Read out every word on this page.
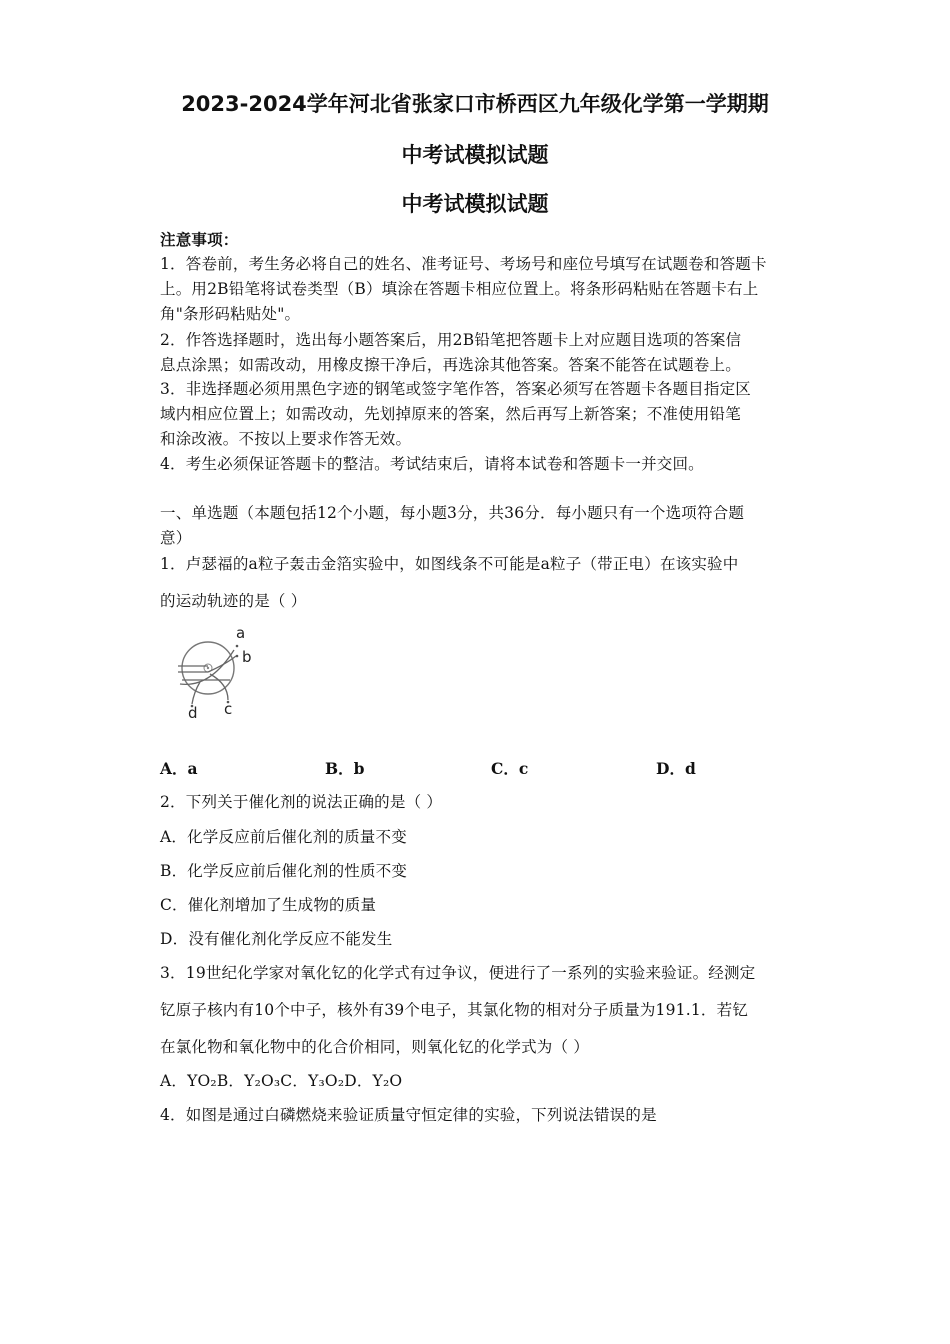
2023-2024学年河北省张家口市桥西区九年级化学第一学期期
中考试模拟试题
中考试模拟试题
注意事项：
1．答卷前，考生务必将自己的姓名、准考证号、考场号和座位号填写在试题卷和答题卡
上。用2B铅笔将试卷类型（B）填涂在答题卡相应位置上。将条形码粘贴在答题卡右上
角"条形码粘贴处"。
2．作答选择题时，选出每小题答案后，用2B铅笔把答题卡上对应题目选项的答案信
息点涂黑；如需改动，用橡皮擦干净后，再选涂其他答案。答案不能答在试题卷上。
3．非选择题必须用黑色字迹的钢笔或签字笔作答，答案必须写在答题卡各题目指定区
域内相应位置上；如需改动，先划掉原来的答案，然后再写上新答案；不准使用铅笔
和涂改液。不按以上要求作答无效。
4．考生必须保证答题卡的整洁。考试结束后，请将本试卷和答题卡一并交回。
一、单选题（本题包括12个小题，每小题3分，共36分．每小题只有一个选项符合题
意）
1．卢瑟福的a粒子轰击金箔实验中，如图线条不可能是a粒子（带正电）在该实验中
的运动轨迹的是（ ）
a
b
c
d
A．a	B．b	C．c	D．d
2．下列关于催化剂的说法正确的是（ ）
A．化学反应前后催化剂的质量不变
B．化学反应前后催化剂的性质不变
C．催化剂增加了生成物的质量
D．没有催化剂化学反应不能发生
3．19世纪化学家对氧化钇的化学式有过争议，便进行了一系列的实验来验证。经测定
钇原子核内有10个中子，核外有39个电子，其氯化物的相对分子质量为191.1．若钇
在氯化物和氧化物中的化合价相同，则氧化钇的化学式为（ ）
A．YO₂B．Y₂O₃C．Y₃O₂D．Y₂O
4．如图是通过白磷燃烧来验证质量守恒定律的实验，下列说法错误的是
